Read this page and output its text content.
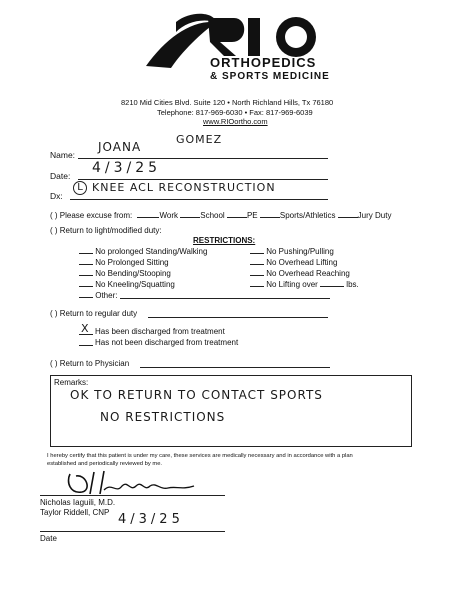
ORTHOPEDICS
& SPORTS MEDICINE
8210 Mid Cities Blvd. Suite 120 • North Richland Hills, Tx 76180
Telephone: 817-969-6030 • Fax: 817-969-6039
www.RIOortho.com
Name:
JOANA
GOMEZ
Date: 4/3/25
Dx:
L KNEE ACL RECONSTRUCTION
( ) Please excuse from:	Work	School	PE	Sports/Athletics	Jury Duty
( ) Return to light/modified duty:
RESTRICTIONS:
No prolonged Standing/Walking
No Prolonged Sitting
No Bending/Stooping
No Kneeling/Squatting
Other:
No Pushing/Pulling
No Overhead Lifting
No Overhead Reaching
No Lifting over	lbs.
( ) Return to regular duty
X Has been discharged from treatment
Has not been discharged from treatment
( ) Return to Physician
Remarks:
OK TO RETURN TO CONTACT SPORTS
NO RESTRICTIONS
I hereby certify that this patient is under my care, these services are medically necessary and in accordance with a plan
established and periodically reviewed by me.
Nicholas Iaguili, M.D.
Taylor Riddell, CNP 4/3/25
Date
